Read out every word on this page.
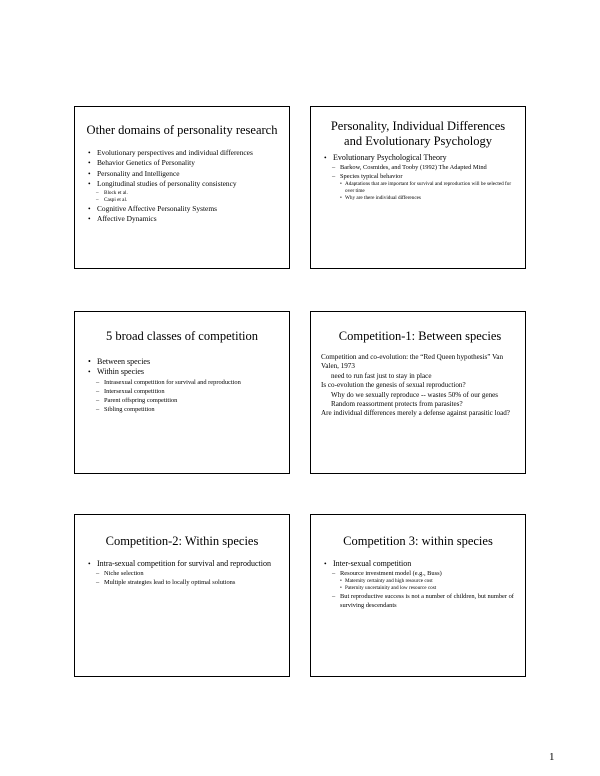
Other domains of personality research
• Evolutionary perspectives and individual differences
• Behavior Genetics of Personality
• Personality and Intelligence
• Longitudinal studies of personality consistency
– Block et al.
– Caspi et al.
• Cognitive Affective Personality Systems
• Affective Dynamics
Personality, Individual Differences and Evolutionary Psychology
• Evolutionary Psychological Theory
– Barkow, Cosmides, and Tooby (1992) The Adapted Mind
– Species typical behavior
• Adaptations that are important for survival and reproduction will be selected for over time
• Why are there individual differences
5 broad classes of competition
• Between species
• Within species
– Intrasexual competition for survival and reproduction
– Intersexual competition
– Parent offspring competition
– Sibling competition
Competition-1: Between species

Competition and co-evolution: the “Red Queen hypothesis” Van Valen, 1973

need to run fast just to stay in place

Is co-evolution the genesis of sexual reproduction?

Why do we sexually reproduce -- wastes 50% of our genes

Random reassortment protects from parasites?

Are individual differences merely a defense against parasitic load?

Competition-2: Within species
• Intra-sexual competition for survival and reproduction
– Niche selection
– Multiple strategies lead to locally optimal solutions
Competition 3: within species
• Inter-sexual competition
– Resource investment model (e.g., Buss)
• Maternity certainty and high resource cost
• Paternity uncertainity and low resource cost
– But reproductive success is not a number of children, but number of surviving descendants
1
